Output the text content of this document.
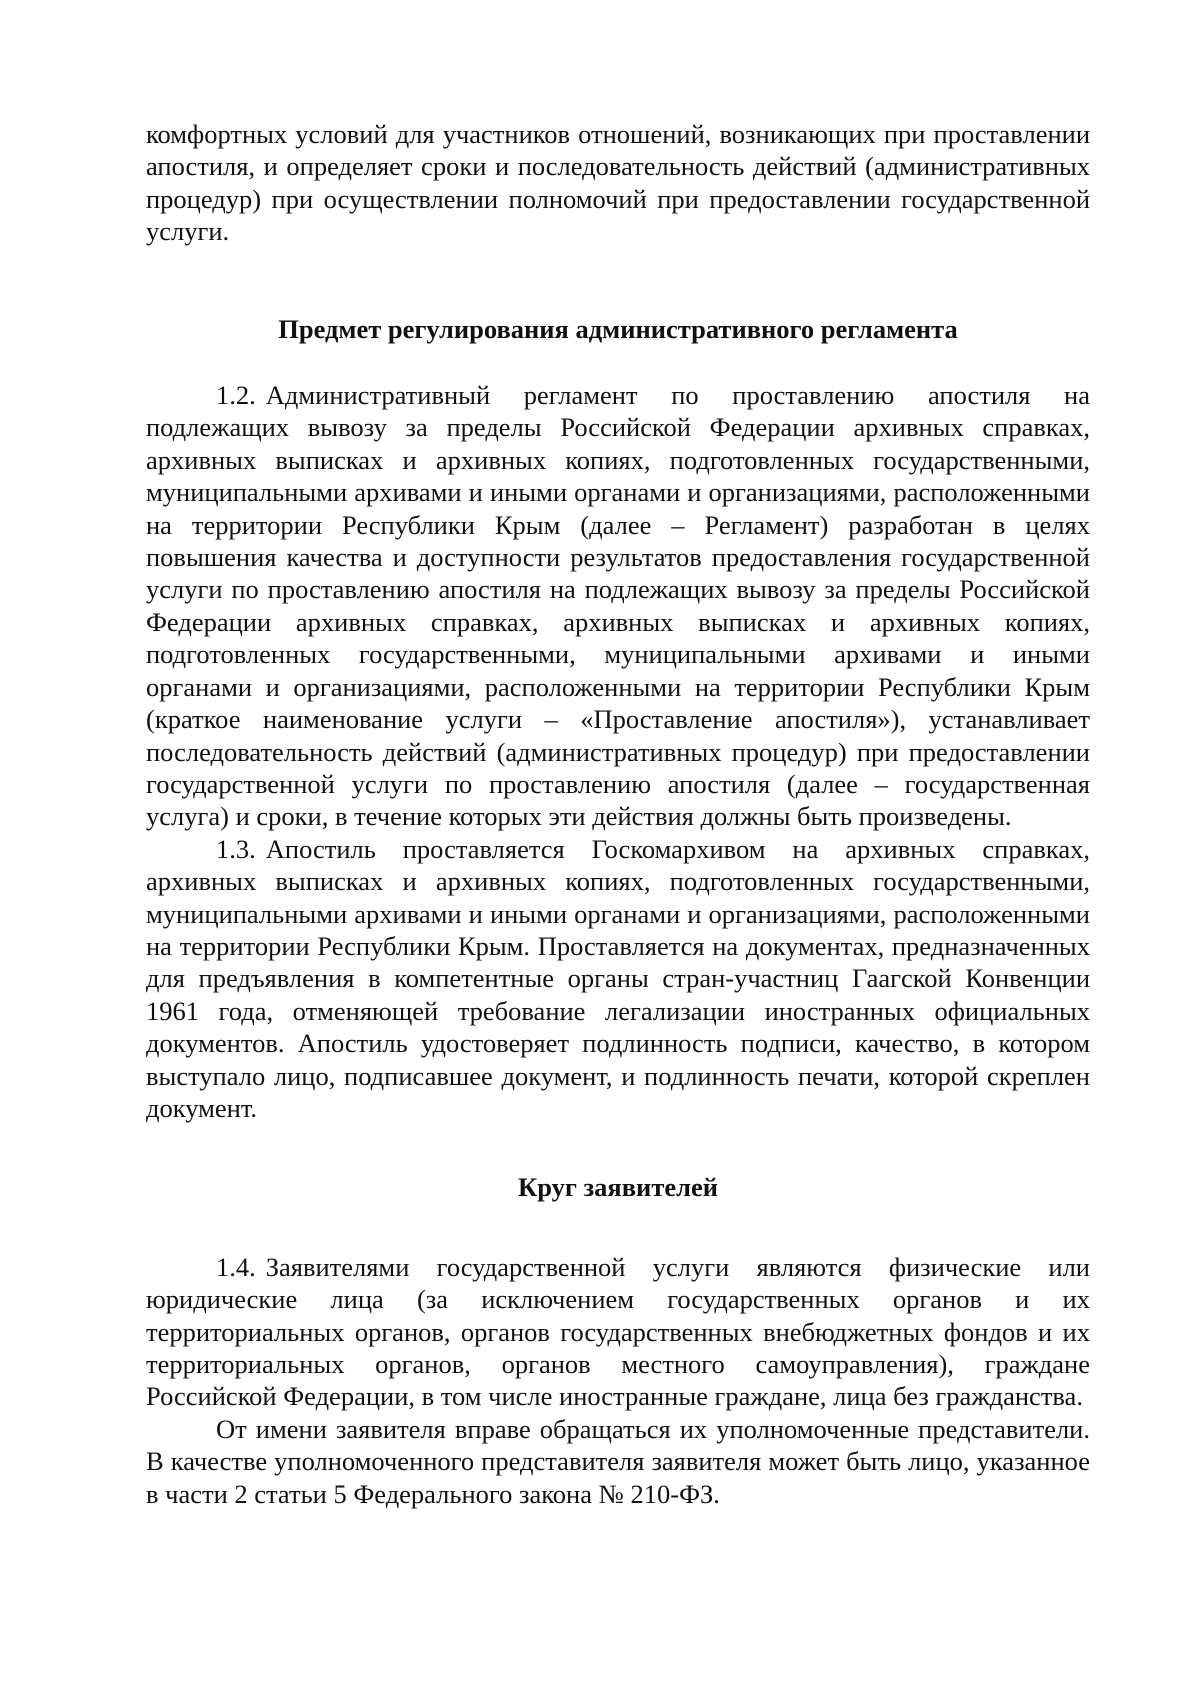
комфортных условий для участников отношений, возникающих при проставлении апостиля, и определяет сроки и последовательность действий (административных процедур) при осуществлении полномочий при предоставлении государственной услуги.

Предмет регулирования административного регламента

1.2. Административный регламент по проставлению апостиля на подлежащих вывозу за пределы Российской Федерации архивных справках, архивных выписках и архивных копиях, подготовленных государственными, муниципальными архивами и иными органами и организациями, расположенными на территории Республики Крым (далее – Регламент) разработан в целях повышения качества и доступности результатов предоставления государственной услуги по проставлению апостиля на подлежащих вывозу за пределы Российской Федерации архивных справках, архивных выписках и архивных копиях, подготовленных государственными, муниципальными архивами и иными органами и организациями, расположенными на территории Республики Крым (краткое наименование услуги – «Проставление апостиля»), устанавливает последовательность действий (административных процедур) при предоставлении государственной услуги по проставлению апостиля (далее – государственная услуга) и сроки, в течение которых эти действия должны быть произведены.

1.3. Апостиль проставляется Госкомархивом на архивных справках, архивных выписках и архивных копиях, подготовленных государственными, муниципальными архивами и иными органами и организациями, расположенными на территории Республики Крым. Проставляется на документах, предназначенных для предъявления в компетентные органы стран-участниц Гаагской Конвенции 1961 года, отменяющей требование легализации иностранных официальных документов. Апостиль удостоверяет подлинность подписи, качество, в котором выступало лицо, подписавшее документ, и подлинность печати, которой скреплен документ.

Круг заявителей

1.4. Заявителями государственной услуги являются физические или юридические лица (за исключением государственных органов и их территориальных органов, органов государственных внебюджетных фондов и их территориальных органов, органов местного самоуправления), граждане Российской Федерации, в том числе иностранные граждане, лица без гражданства.

От имени заявителя вправе обращаться их уполномоченные представители. В качестве уполномоченного представителя заявителя может быть лицо, указанное в части 2 статьи 5 Федерального закона № 210-ФЗ.
